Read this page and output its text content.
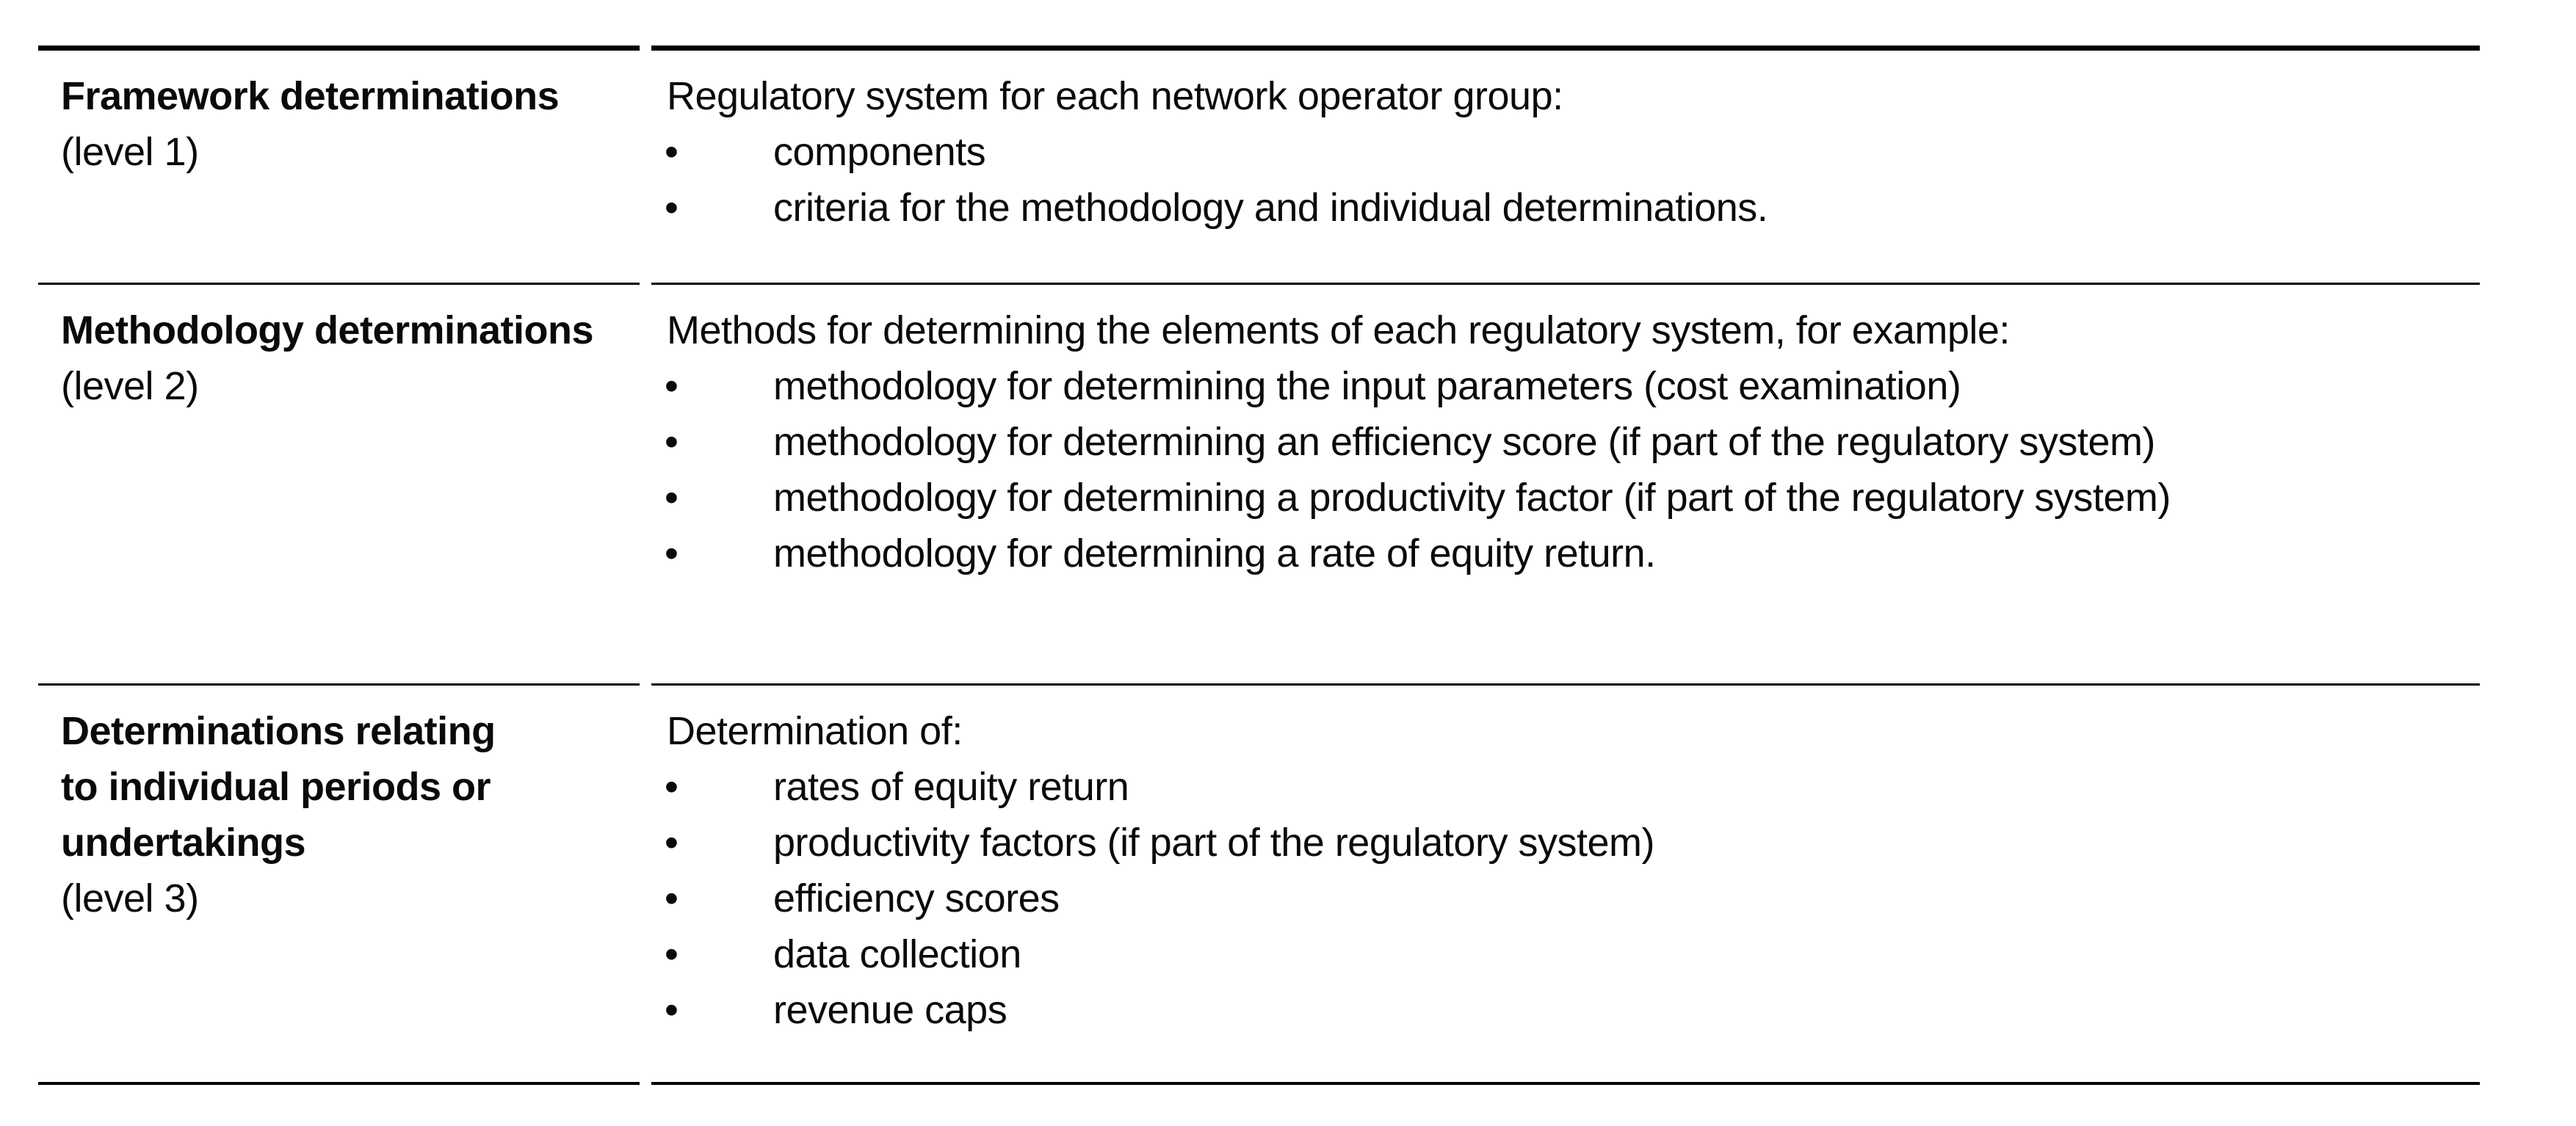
Framework determinations
(level 1)
Regulatory system for each network operator group:
• components
• criteria for the methodology and individual determinations.
Methodology determinations
(level 2)
Methods for determining the elements of each regulatory system, for example:
• methodology for determining the input parameters (cost examination)
• methodology for determining an efficiency score (if part of the regulatory system)
• methodology for determining a productivity factor (if part of the regulatory system)
• methodology for determining a rate of equity return.
Determinations relating
to individual periods or
undertakings
(level 3)
Determination of:
• rates of equity return
• productivity factors (if part of the regulatory system)
• efficiency scores
• data collection
• revenue caps
